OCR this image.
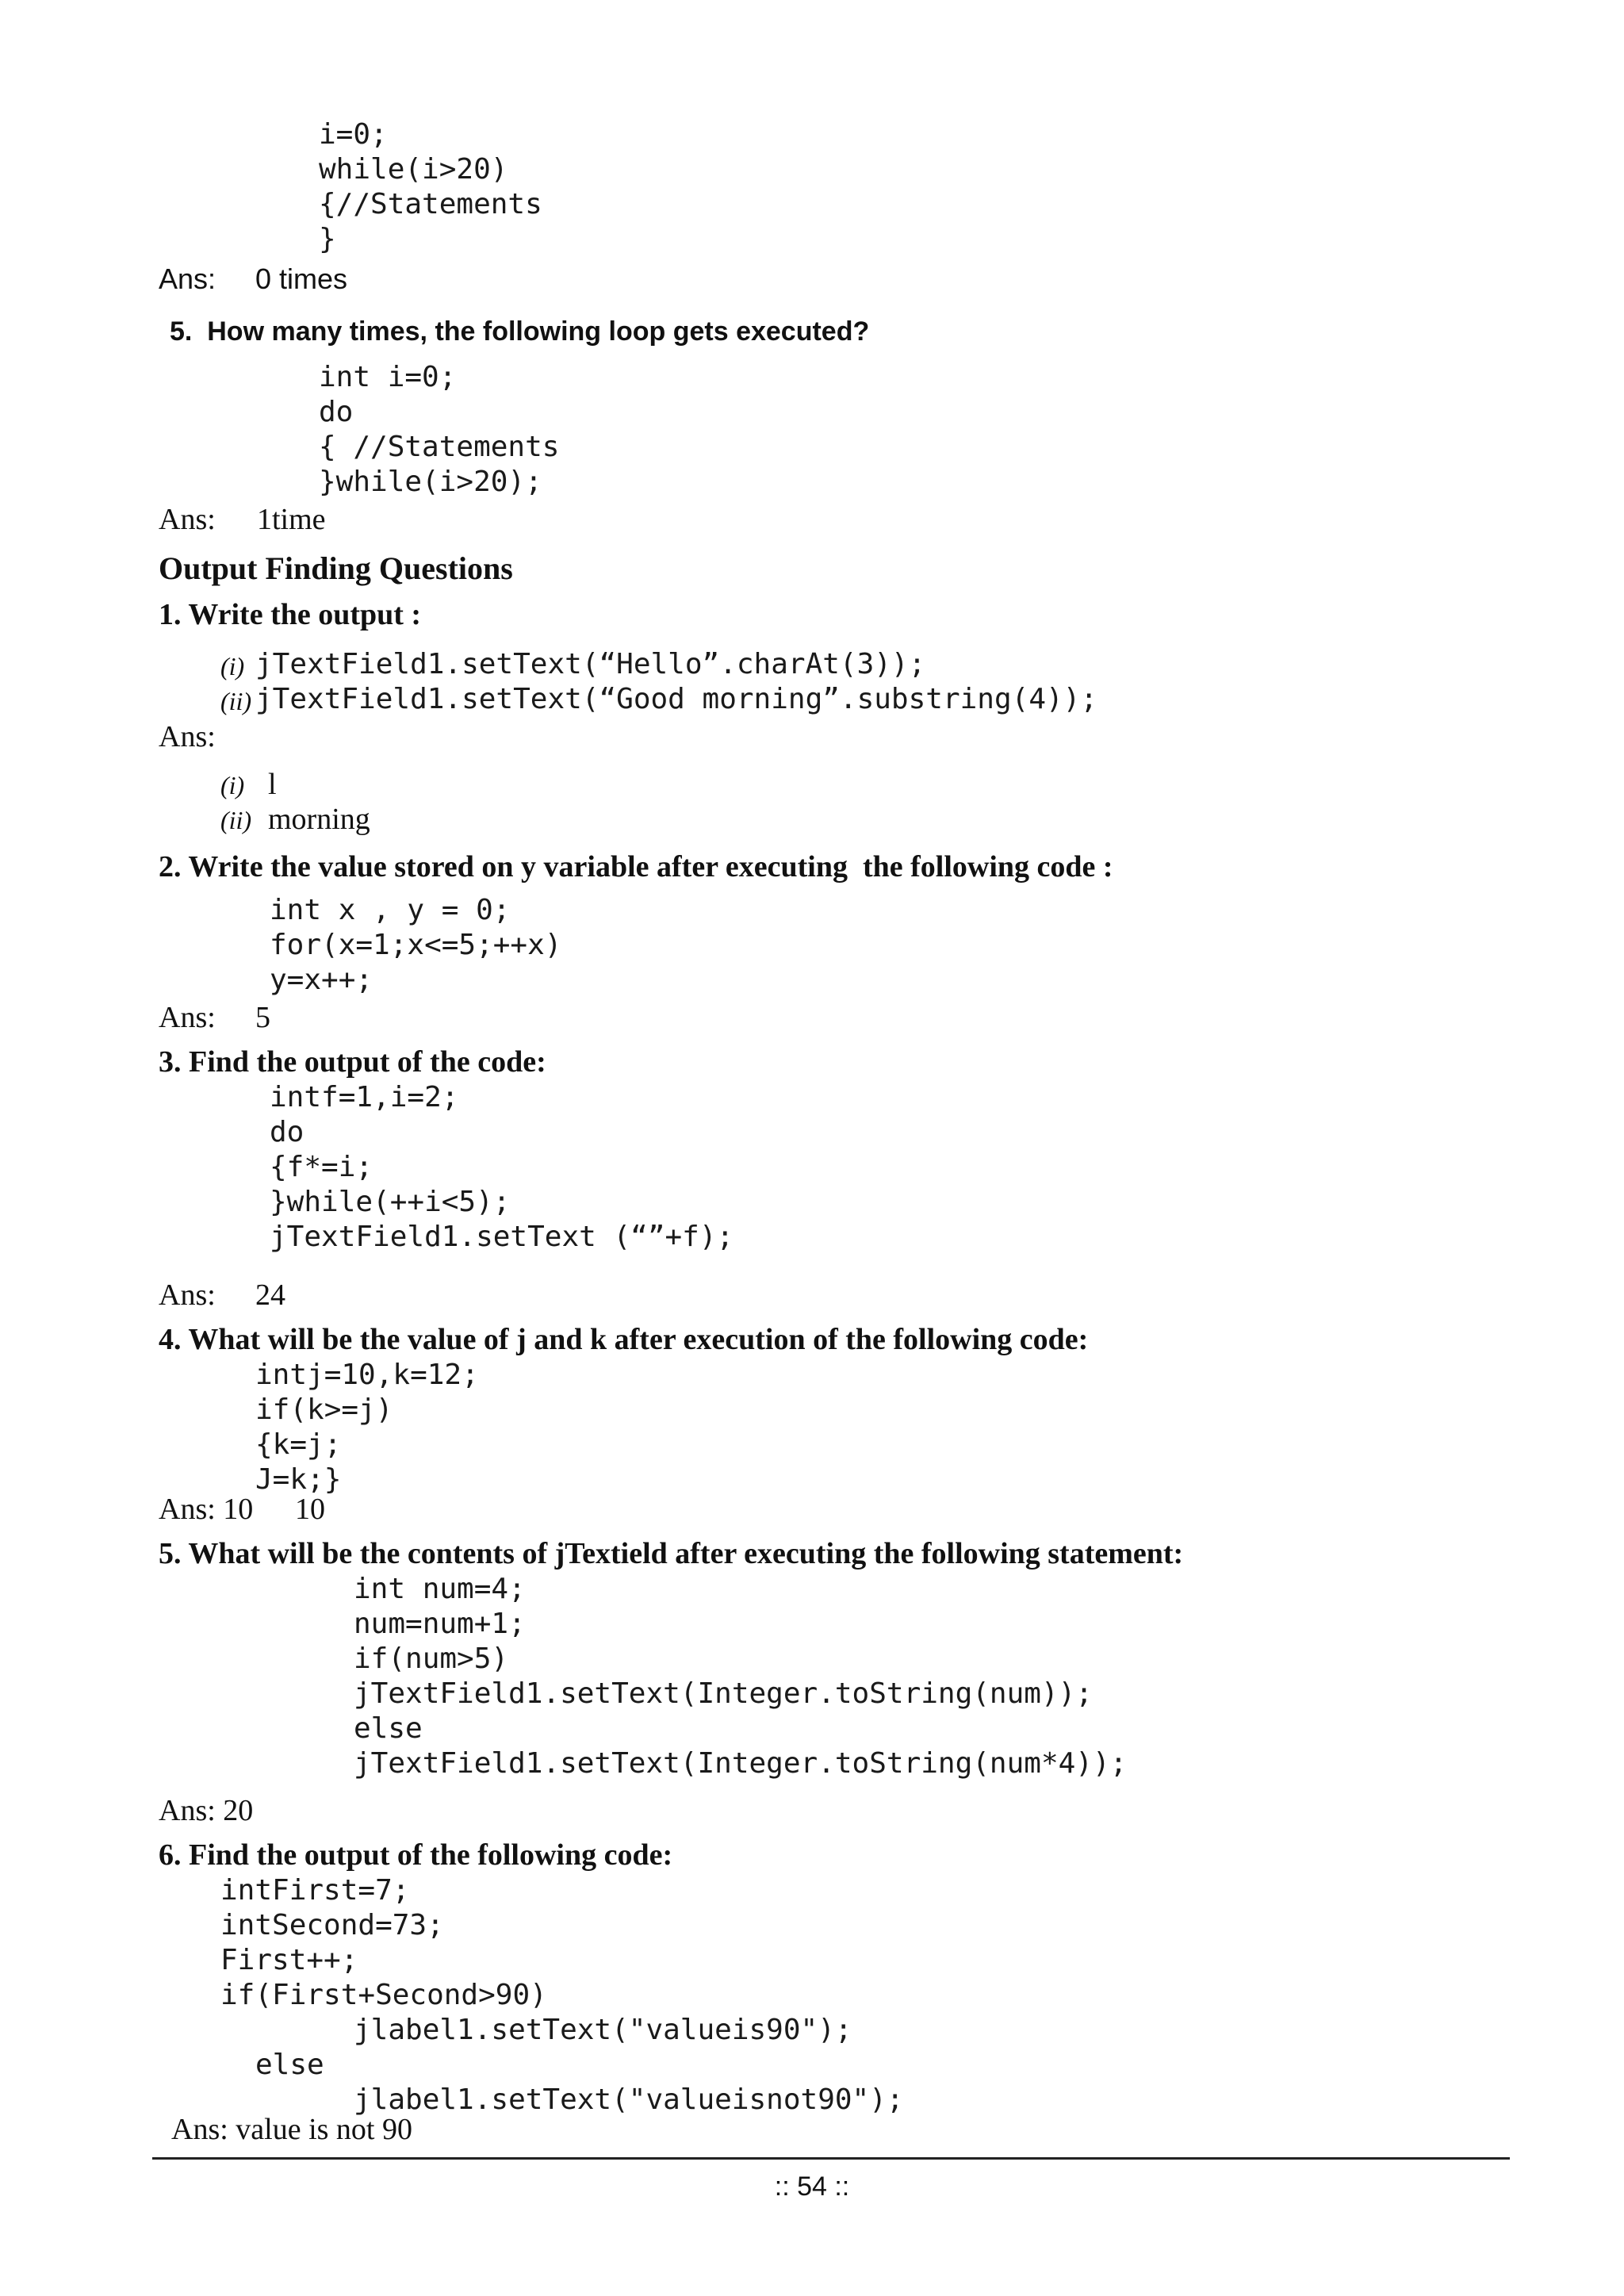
i=0;
while(i>20)
{//Statements
}
Ans: 0 times
5.  How many times, the following loop gets executed?
int i=0;
do
{ //Statements
}while(i>20);
Ans: 1time
Output Finding Questions
1. Write the output :
(i) jTextField1.setText(“Hello”.charAt(3));
(ii) jTextField1.setText(“Good morning”.substring(4));
Ans:
(i) l
(ii) morning
2. Write the value stored on y variable after executing  the following code :
int x , y = 0;
for(x=1;x<=5;++x)
y=x++;
Ans: 5
3. Find the output of the code:
intf=1,i=2;
do
{f*=i;
}while(++i<5);
jTextField1.setText (“”+f);
Ans: 24
4. What will be the value of j and k after execution of the following code:
intj=10,k=12;
if(k>=j)
{k=j;
J=k;}
Ans: 10 10
5. What will be the contents of jTextield after executing the following statement:
int num=4;
num=num+1;
if(num>5)
jTextField1.setText(Integer.toString(num));
else
jTextField1.setText(Integer.toString(num*4));
Ans: 20
6. Find the output of the following code:
intFirst=7;
intSecond=73;
First++;
if(First+Second>90)
jlabel1.setText("valueis90");
else
jlabel1.setText("valueisnot90");
Ans: value is not 90
:: 54 ::
